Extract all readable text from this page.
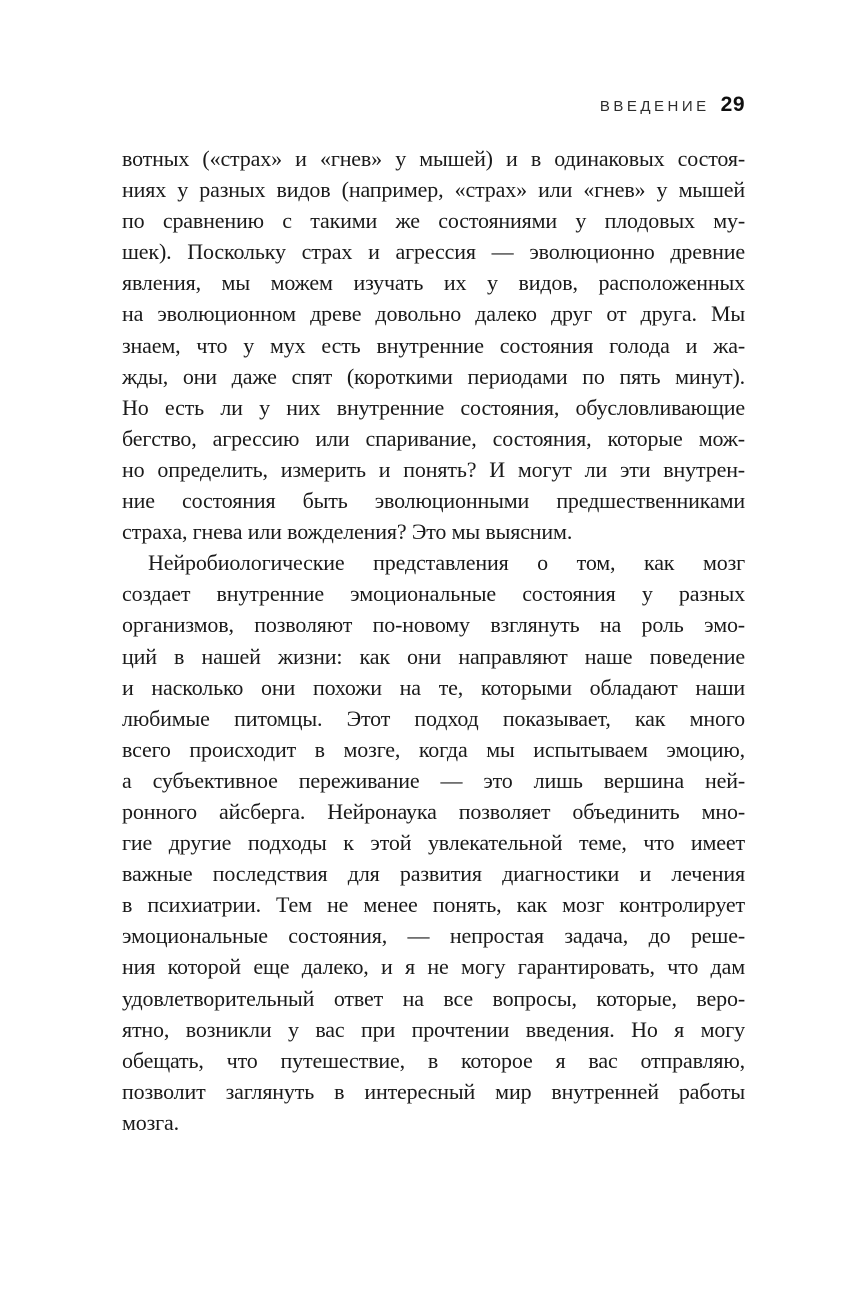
ВВЕДЕНИЕ 29
вотных («страх» и «гнев» у мышей) и в одинаковых состоя-
ниях у разных видов (например, «страх» или «гнев» у мышей
по сравнению с такими же состояниями у плодовых му-
шек). Поскольку страх и агрессия — эволюционно древние
явления, мы можем изучать их у видов, расположенных
на эволюционном древе довольно далеко друг от друга. Мы
знаем, что у мух есть внутренние состояния голода и жа-
жды, они даже спят (короткими периодами по пять минут).
Но есть ли у них внутренние состояния, обусловливающие
бегство, агрессию или спаривание, состояния, которые мож-
но определить, измерить и понять? И могут ли эти внутрен-
ние состояния быть эволюционными предшественниками
страха, гнева или вожделения? Это мы выясним.
Нейробиологические представления о том, как мозг
создает внутренние эмоциональные состояния у разных
организмов, позволяют по-новому взглянуть на роль эмо-
ций в нашей жизни: как они направляют наше поведение
и насколько они похожи на те, которыми обладают наши
любимые питомцы. Этот подход показывает, как много
всего происходит в мозге, когда мы испытываем эмоцию,
а субъективное переживание — это лишь вершина ней-
ронного айсберга. Нейронаука позволяет объединить мно-
гие другие подходы к этой увлекательной теме, что имеет
важные последствия для развития диагностики и лечения
в психиатрии. Тем не менее понять, как мозг контролирует
эмоциональные состояния, — непростая задача, до реше-
ния которой еще далеко, и я не могу гарантировать, что дам
удовлетворительный ответ на все вопросы, которые, веро-
ятно, возникли у вас при прочтении введения. Но я могу
обещать, что путешествие, в которое я вас отправляю,
позволит заглянуть в интересный мир внутренней работы
мозга.
